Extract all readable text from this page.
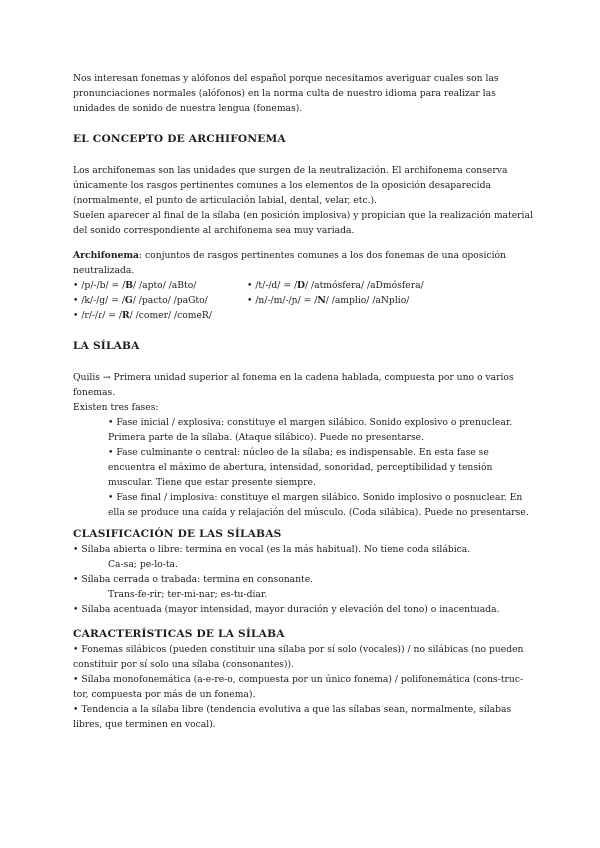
Nos interesan fonemas y alófonos del español porque necesitamos averiguar cuales son las pronunciaciones normales (alófonos) en la norma culta de nuestro idioma para realizar las unidades de sonido de nuestra lengua (fonemas).

EL CONCEPTO DE ARCHIFONEMA

Los archifonemas son las unidades que surgen de la neutralización. El archifonema conserva únicamente los rasgos pertinentes comunes a los elementos de la oposición desaparecida (normalmente, el punto de articulación labial, dental, velar, etc.).

Suelen aparecer al final de la sílaba (en posición implosiva) y propician que la realización material del sonido correspondiente al archifonema sea muy variada.

Archifonema: conjuntos de rasgos pertinentes comunes a los dos fonemas de una oposición neutralizada.

• /p/-/b/ = /B/ /apto/ /aBto/	• /t/-/d/ = /D/ /atmósfera/ /aDmósfera/
• /k/-/g/ = /G/ /pacto/ /paGto/	• /n/-/m/-/ɲ/ = /N/ /amplio/ /aNplio/
• /r/-/ɾ/ = /R/ /comer/ /comeR/
LA SÍLABA

Quilis → Primera unidad superior al fonema en la cadena hablada, compuesta por uno o varios fonemas.

Existen tres fases:

• Fase inicial / explosiva: constituye el margen silábico. Sonido explosivo o prenuclear. Primera parte de la sílaba. (Ataque silábico). Puede no presentarse.

• Fase culminante o central: núcleo de la sílaba; es indispensable. En esta fase se encuentra el máximo de abertura, intensidad, sonoridad, perceptibilidad y tensión muscular. Tiene que estar presente siempre.

• Fase final / implosiva: constituye el margen silábico. Sonido implosivo o posnuclear. En ella se produce una caída y relajación del músculo. (Coda silábica). Puede no presentarse.

CLASIFICACIÓN DE LAS SÍLABAS

• Sílaba abierta o libre: termina en vocal (es la más habitual). No tiene coda silábica.

Ca-sa; pe-lo-ta.

• Sílaba cerrada o trabada: termina en consonante.

Trans-fe-rir; ter-mi-nar; es-tu-diar.

• Sílaba acentuada (mayor intensidad, mayor duración y elevación del tono) o inacentuada.

CARACTERÍSTICAS DE LA SÍLABA

• Fonemas silábicos (pueden constituir una sílaba por sí solo (vocales)) / no silábicas (no pueden constituir por sí solo una sílaba (consonantes)).

• Sílaba monofonemática (a-e-re-o, compuesta por un único fonema) / polifonemática (cons-truc-tor, compuesta por más de un fonema).

• Tendencia a la sílaba libre (tendencia evolutiva a que las sílabas sean, normalmente, sílabas libres, que terminen en vocal).
